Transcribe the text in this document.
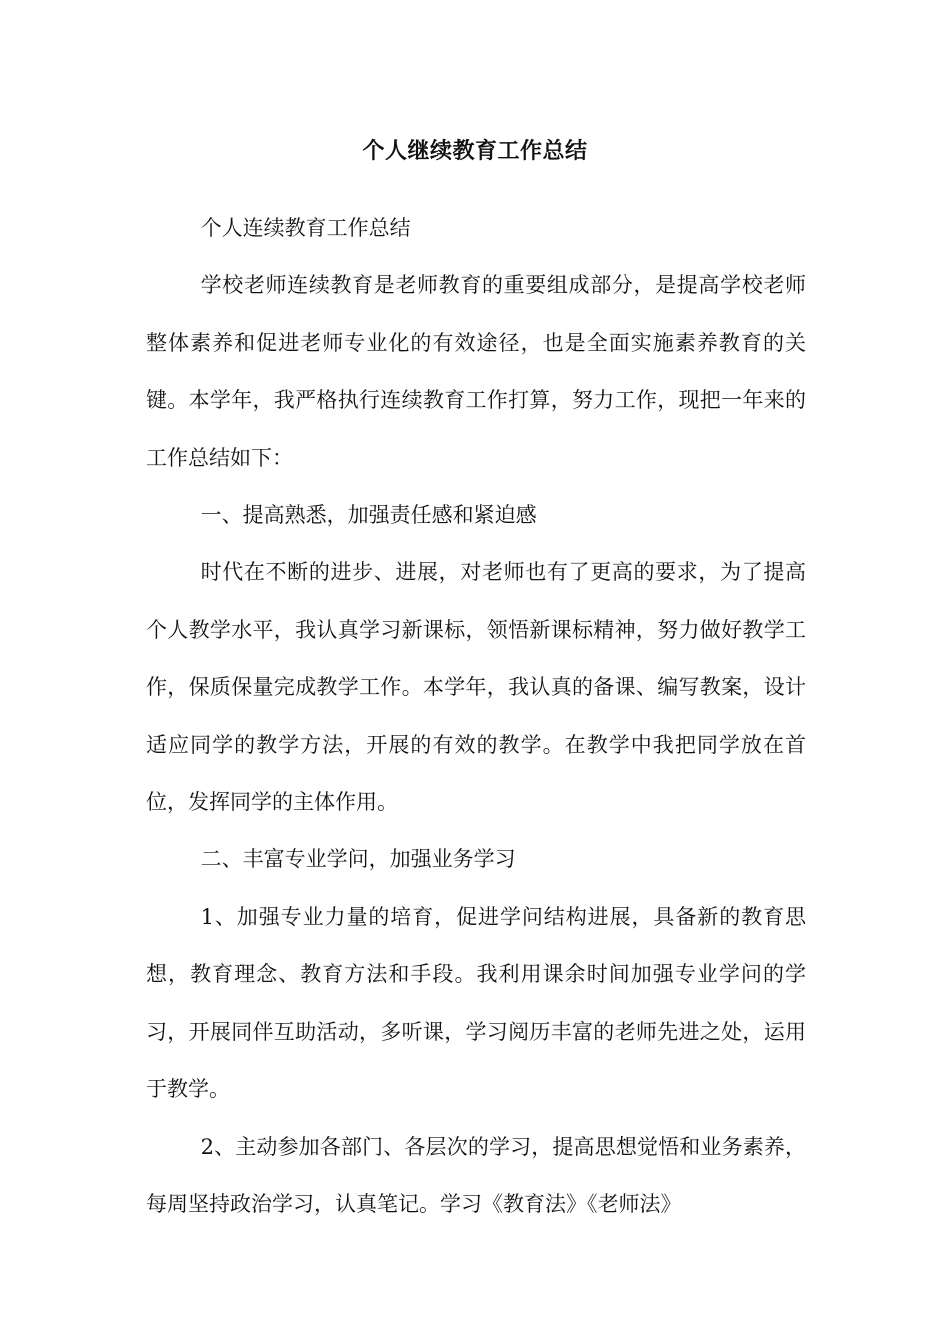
个人继续教育工作总结

个人连续教育工作总结

学校老师连续教育是老师教育的重要组成部分，是提高学校老师整体素养和促进老师专业化的有效途径，也是全面实施素养教育的关键。本学年，我严格执行连续教育工作打算，努力工作，现把一年来的工作总结如下：

一、提高熟悉，加强责任感和紧迫感

时代在不断的进步、进展，对老师也有了更高的要求，为了提高个人教学水平，我认真学习新课标，领悟新课标精神，努力做好教学工作，保质保量完成教学工作。本学年，我认真的备课、编写教案，设计适应同学的教学方法，开展的有效的教学。在教学中我把同学放在首位，发挥同学的主体作用。

二、丰富专业学问，加强业务学习

1、加强专业力量的培育，促进学问结构进展，具备新的教育思想，教育理念、教育方法和手段。我利用课余时间加强专业学问的学习，开展同伴互助活动，多听课，学习阅历丰富的老师先进之处，运用于教学。

2、主动参加各部门、各层次的学习，提高思想觉悟和业务素养，每周坚持政治学习，认真笔记。学习《教育法》《老师法》
